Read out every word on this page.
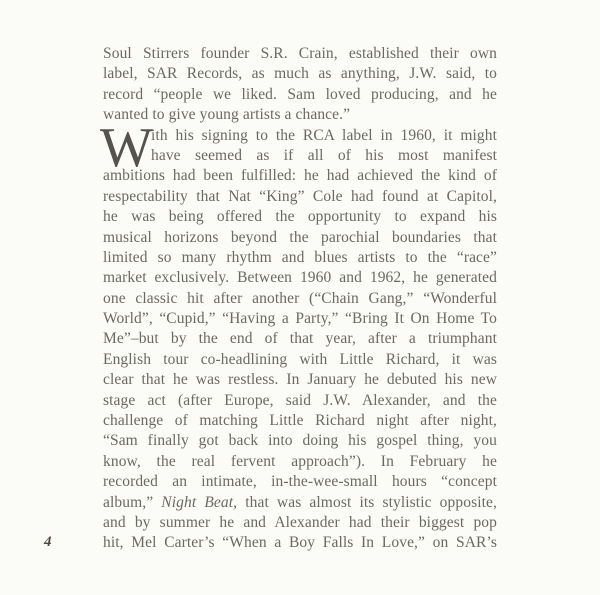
W
Soul Stirrers founder S.R. Crain, established their own
label, SAR Records, as much as anything, J.W. said, to
record “people we liked. Sam loved producing, and he
wanted to give young artists a chance.”
ith his signing to the RCA label in 1960, it might
have seemed as if all of his most manifest
ambitions had been fulfilled: he had achieved the kind of
respectability that Nat “King” Cole had found at Capitol,
he was being offered the opportunity to expand his
musical horizons beyond the parochial boundaries that
limited so many rhythm and blues artists to the “race”
market exclusively. Between 1960 and 1962, he generated
one classic hit after another (“Chain Gang,” “Wonderful
World”, “Cupid,” “Having a Party,” “Bring It On Home To
Me”–but by the end of that year, after a triumphant
English tour co-headlining with Little Richard, it was
clear that he was restless. In January he debuted his new
stage act (after Europe, said J.W. Alexander, and the
challenge of matching Little Richard night after night,
“Sam finally got back into doing his gospel thing, you
know, the real fervent approach”). In February he
recorded an intimate, in-the-wee-small hours “concept
album,” Night Beat, that was almost its stylistic opposite,
and by summer he and Alexander had their biggest pop
hit, Mel Carter’s “When a Boy Falls In Love,” on SAR’s
4
